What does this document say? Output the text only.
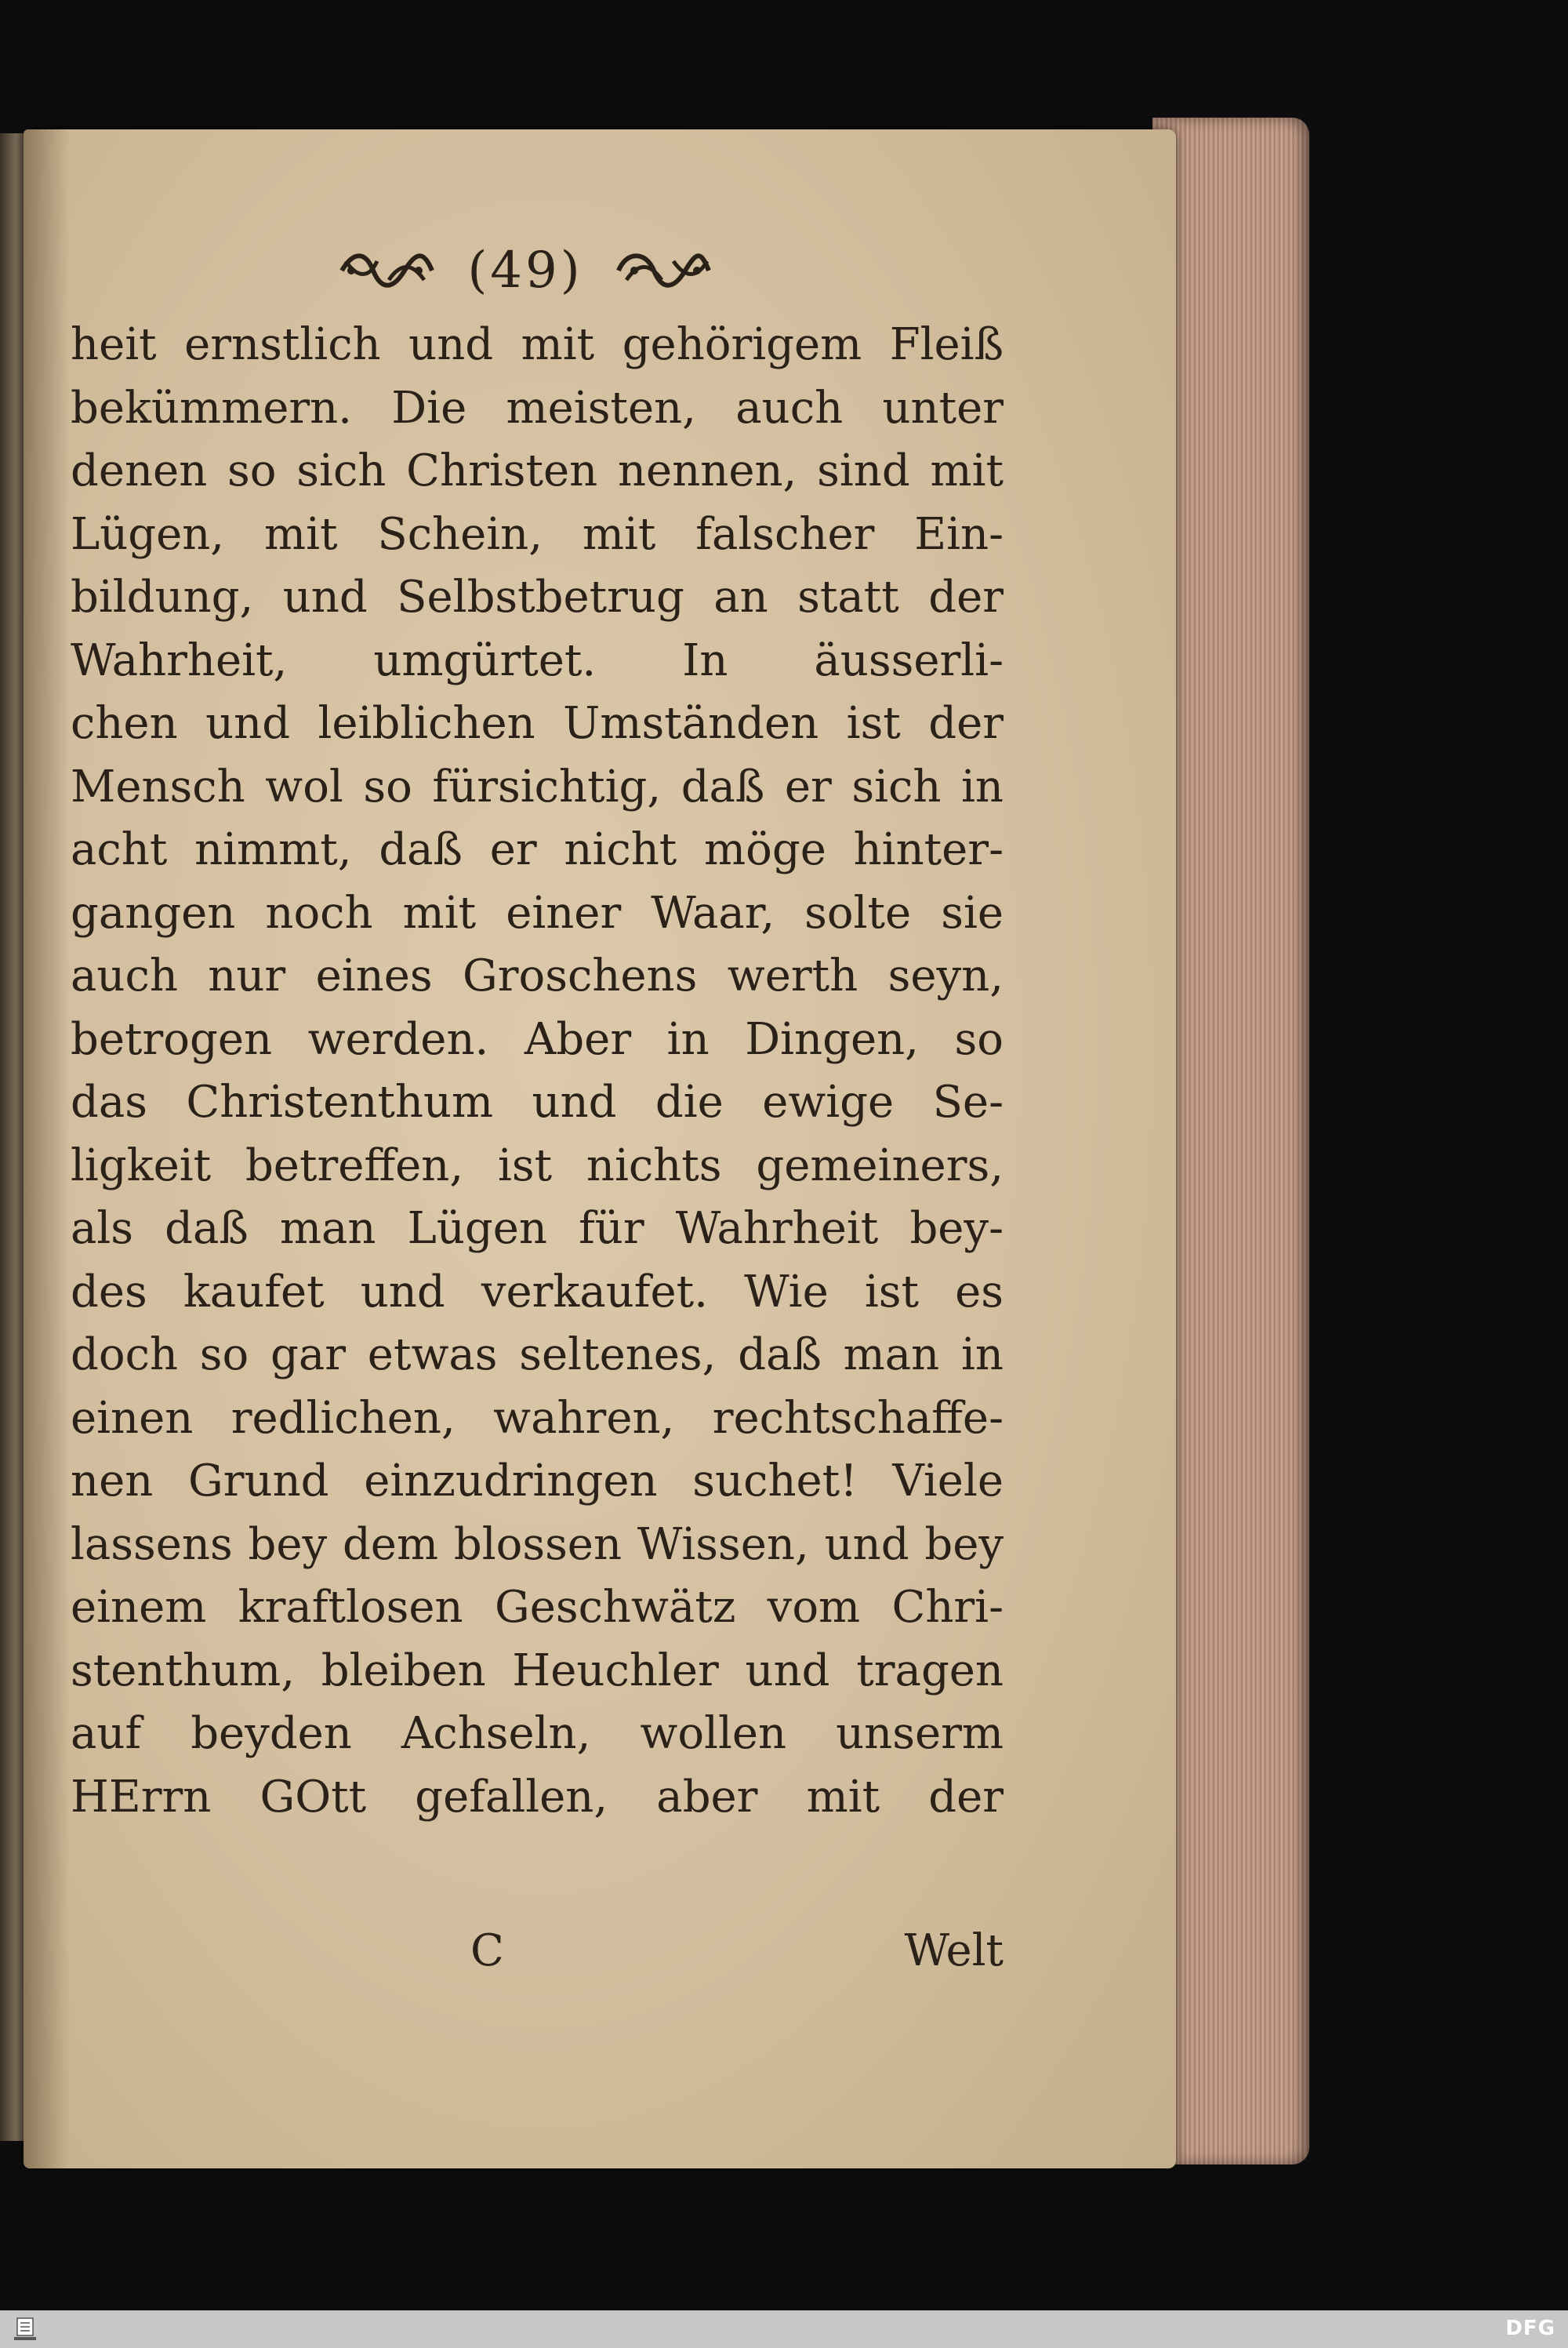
(49)
heit ernstlich und mit gehörigem Fleiß
bekümmern. Die meisten, auch unter
denen so sich Christen nennen, sind mit
Lügen, mit Schein, mit falscher Ein-
bildung, und Selbstbetrug an statt der
Wahrheit, umgürtet. In äusserli-
chen und leiblichen Umständen ist der
Mensch wol so fürsichtig, daß er sich in
acht nimmt, daß er nicht möge hinter-
gangen noch mit einer Waar, solte sie
auch nur eines Groschens werth seyn,
betrogen werden. Aber in Dingen, so
das Christenthum und die ewige Se-
ligkeit betreffen, ist nichts gemeiners,
als daß man Lügen für Wahrheit bey-
des kaufet und verkaufet. Wie ist es
doch so gar etwas seltenes, daß man in
einen redlichen, wahren, rechtschaffe-
nen Grund einzudringen suchet! Viele
lassens bey dem blossen Wissen, und bey
einem kraftlosen Geschwätz vom Chri-
stenthum, bleiben Heuchler und tragen
auf beyden Achseln, wollen unserm
HErrn GOtt gefallen, aber mit der
C	Welt
DFG
